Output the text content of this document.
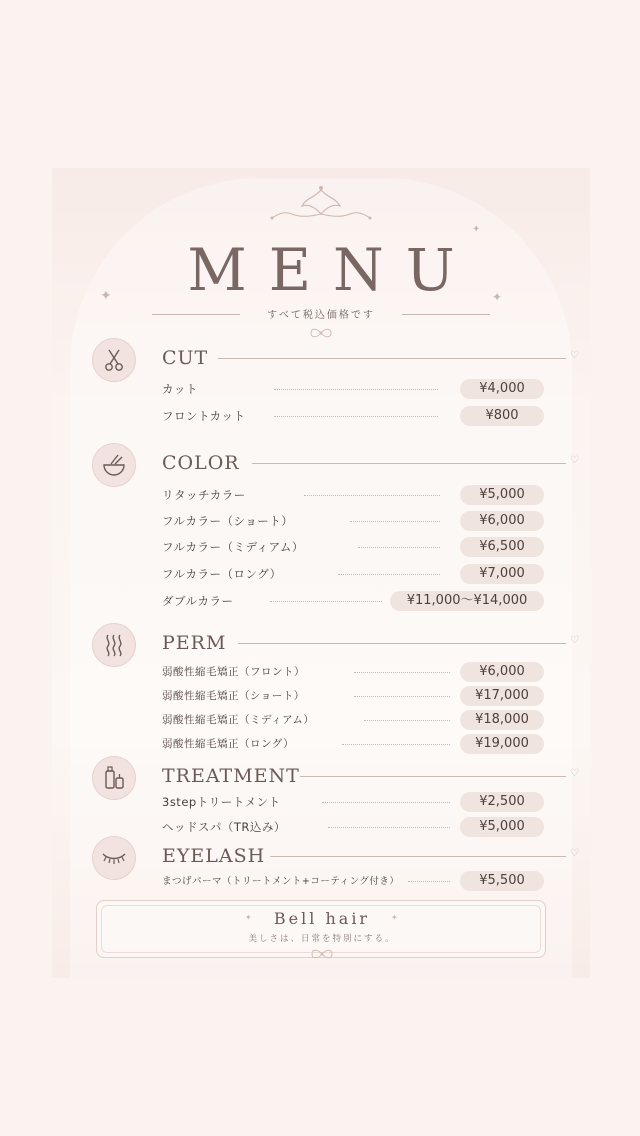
✦	✦
✦
MENU
すべて税込価格です
CUT	♡
カット	¥4,000
フロントカット	¥800
COLOR	♡
リタッチカラー	¥5,000
フルカラー（ショート）	¥6,000
フルカラー（ミディアム）	¥6,500
フルカラー（ロング）	¥7,000
ダブルカラー	¥11,000～¥14,000
PERM	♡
弱酸性縮毛矯正（フロント）	¥6,000
弱酸性縮毛矯正（ショート）	¥17,000
弱酸性縮毛矯正（ミディアム）	¥18,000
弱酸性縮毛矯正（ロング）	¥19,000
TREATMENT	♡
3stepトリートメント	¥2,500
ヘッドスパ（TR込み）	¥5,000
EYELASH	♡
まつげパーマ（トリートメント+コーティング付き）	¥5,500
✦	✦
Bell hair
美しさは、日常を特別にする。
